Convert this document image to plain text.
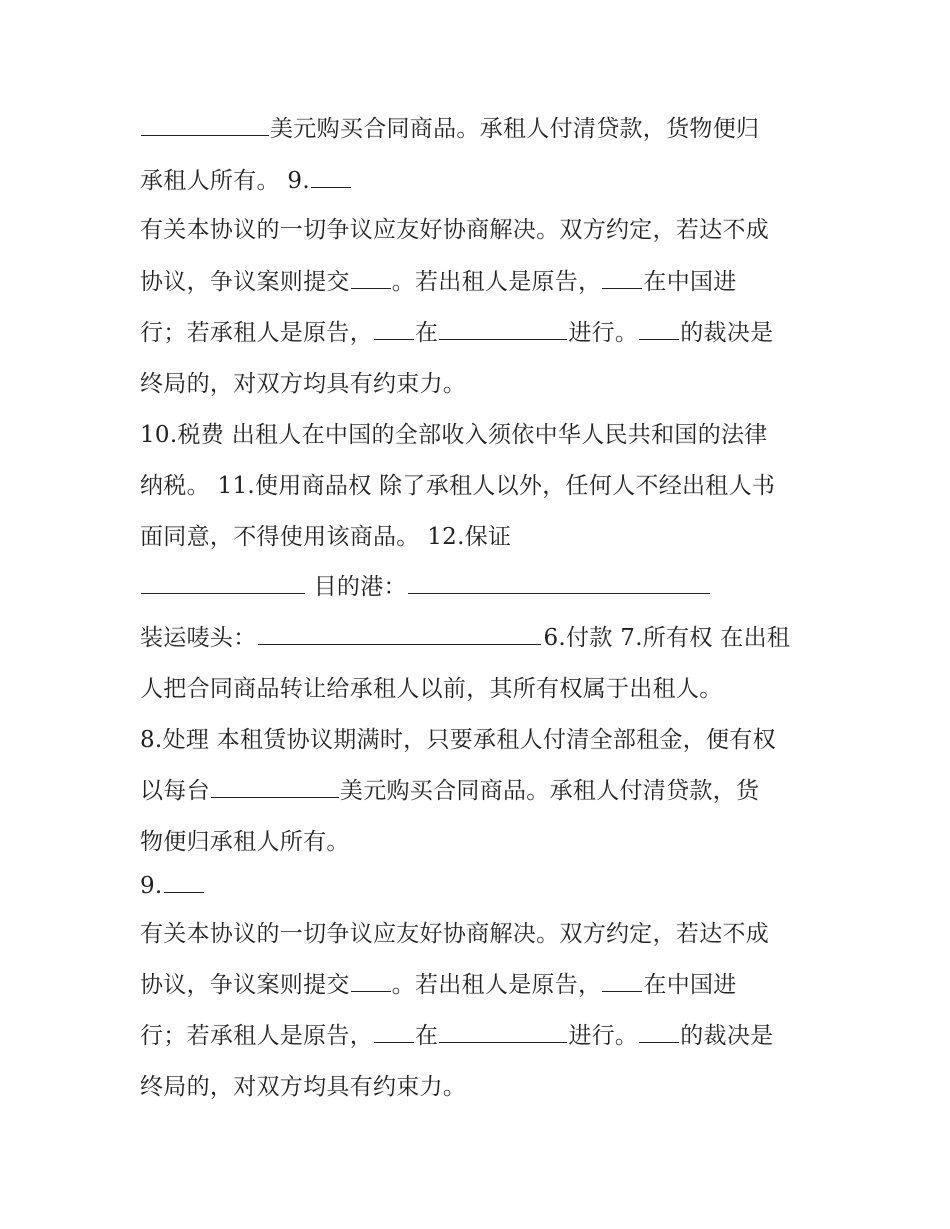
美元购买合同商品。承租人付清贷款，货物便归
承租人所有。 9.
有关本协议的一切争议应友好协商解决。双方约定，若达不成
协议，争议案则提交 。若出租人是原告， 在中国进
行；若承租人是原告， 在	进行。 的裁决是
终局的，对双方均具有约束力。
10.税费 出租人在中国的全部收入须依中华人民共和国的法律
纳税。 11.使用商品权 除了承租人以外，任何人不经出租人书
面同意，不得使用该商品。 12.保证
目的港：
装运唛头：	6.付款 7.所有权 在出租
人把合同商品转让给承租人以前，其所有权属于出租人。
8.处理 本租赁协议期满时，只要承租人付清全部租金，便有权
以每台	美元购买合同商品。承租人付清贷款，货
物便归承租人所有。
9.
有关本协议的一切争议应友好协商解决。双方约定，若达不成
协议，争议案则提交 。若出租人是原告， 在中国进
行；若承租人是原告， 在	进行。 的裁决是
终局的，对双方均具有约束力。
